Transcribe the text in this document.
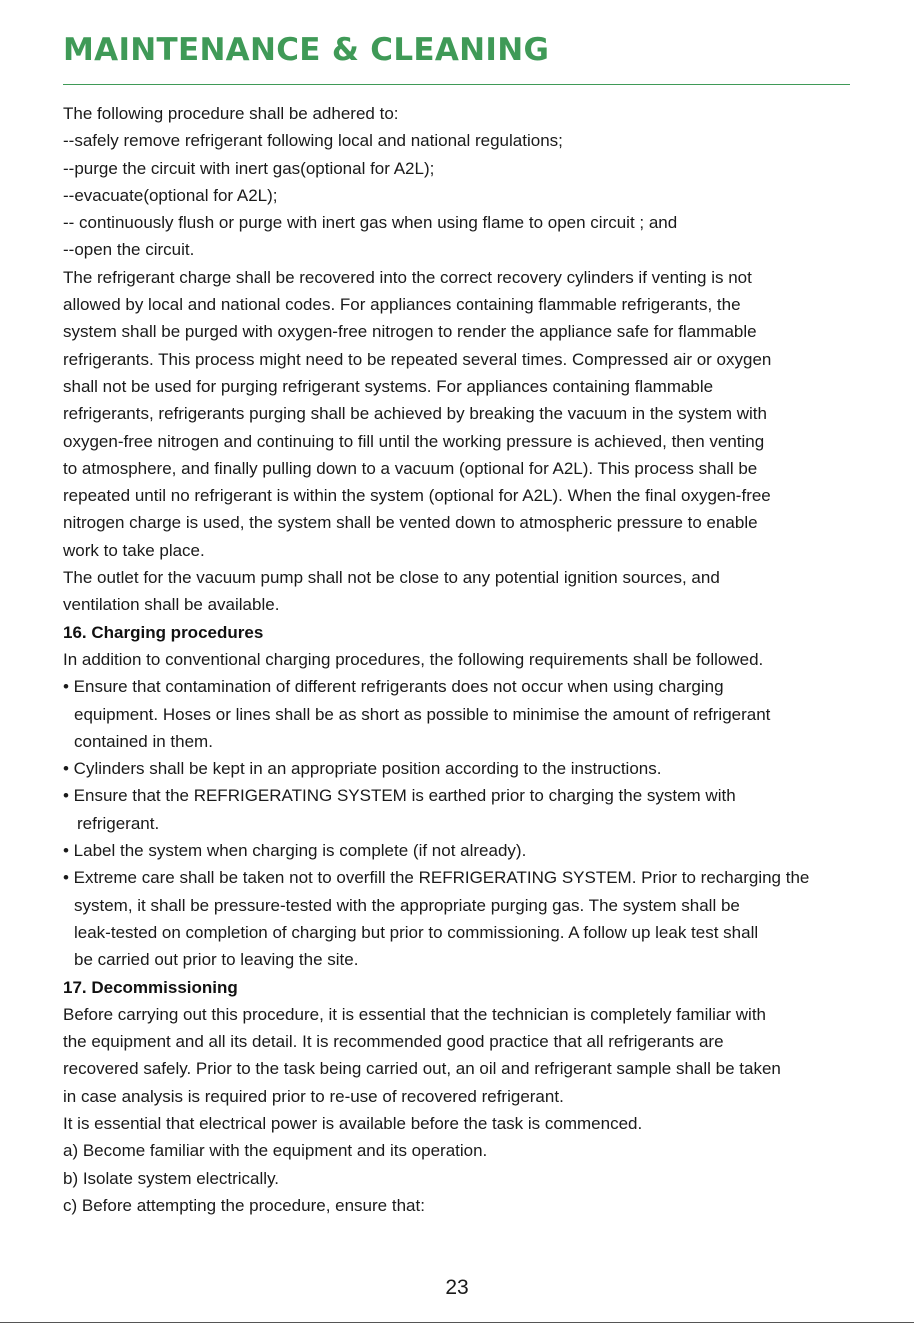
MAINTENANCE & CLEANING
The following procedure shall be adhered to:
--safely remove refrigerant following local and national regulations;
--purge the circuit with inert gas(optional for A2L);
--evacuate(optional for A2L);
-- continuously flush or purge with inert gas when using flame to open circuit ; and
--open the circuit.
The refrigerant charge shall be recovered into the correct recovery cylinders if venting is not
allowed by local and national codes. For appliances containing flammable refrigerants, the
system shall be purged with oxygen-free nitrogen to render the appliance safe for flammable
refrigerants. This process might need to be repeated several times. Compressed air or oxygen
shall not be used for purging refrigerant systems. For appliances containing flammable
refrigerants, refrigerants purging shall be achieved by breaking the vacuum in the system with
oxygen-free nitrogen and continuing to fill until the working pressure is achieved, then venting
to atmosphere, and finally pulling down to a vacuum (optional for A2L). This process shall be
repeated until no refrigerant is within the system (optional for A2L). When the final oxygen-free
nitrogen charge is used, the system shall be vented down to atmospheric pressure to enable
work to take place.
The outlet for the vacuum pump shall not be close to any potential ignition sources, and
ventilation shall be available.
16. Charging procedures
In addition to conventional charging procedures, the following requirements shall be followed.
• Ensure that contamination of different refrigerants does not occur when using charging
equipment. Hoses or lines shall be as short as possible to minimise the amount of refrigerant
contained in them.
• Cylinders shall be kept in an appropriate position according to the instructions.
• Ensure that the REFRIGERATING SYSTEM is earthed prior to charging the system with
refrigerant.
• Label the system when charging is complete (if not already).
• Extreme care shall be taken not to overfill the REFRIGERATING SYSTEM. Prior to recharging the
system, it shall be pressure-tested with the appropriate purging gas. The system shall be
leak-tested on completion of charging but prior to commissioning. A follow up leak test shall
be carried out prior to leaving the site.
17. Decommissioning
Before carrying out this procedure, it is essential that the technician is completely familiar with
the equipment and all its detail. It is recommended good practice that all refrigerants are
recovered safely. Prior to the task being carried out, an oil and refrigerant sample shall be taken
in case analysis is required prior to re-use of recovered refrigerant.
It is essential that electrical power is available before the task is commenced.
a) Become familiar with the equipment and its operation.
b) Isolate system electrically.
c) Before attempting the procedure, ensure that:
23
